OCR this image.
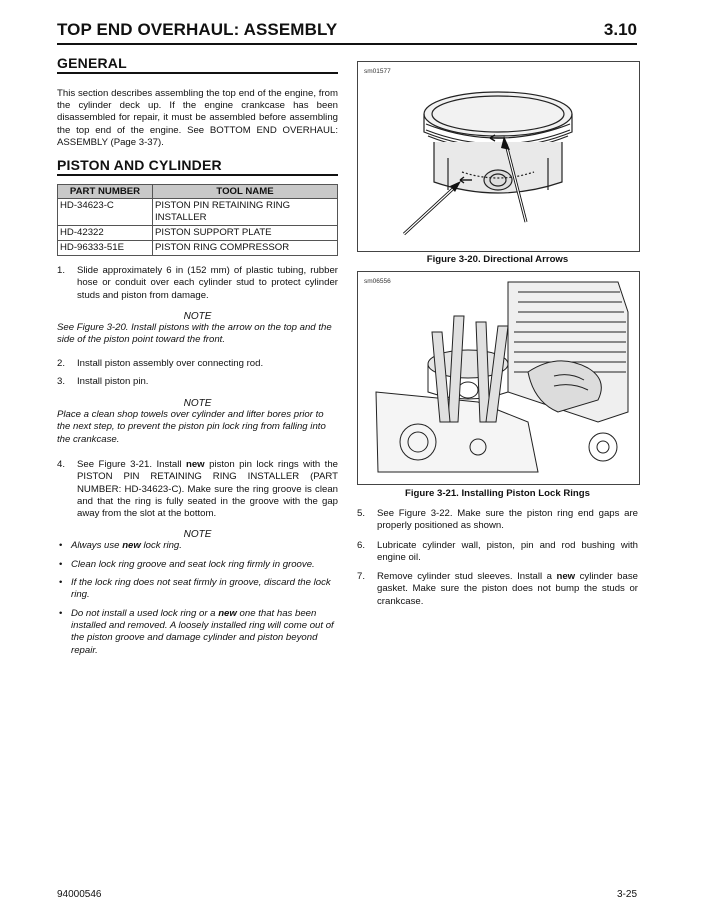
TOP END OVERHAUL: ASSEMBLY	3.10
GENERAL

This section describes assembling the top end of the engine, from the cylinder deck up. If the engine crankcase has been disassembled for repair, it must be assembled before assembling the top end of the engine. See BOTTOM END OVERHAUL: ASSEMBLY (Page 3-37).

PISTON AND CYLINDER
PART NUMBER	TOOL NAME
HD-34623-C	PISTON PIN RETAINING RING INSTALLER
HD-42322	PISTON SUPPORT PLATE
HD-96333-51E	PISTON RING COMPRESSOR
1. Slide approximately 6 in (152 mm) of plastic tubing, rubber hose or conduit over each cylinder stud to protect cylinder studs and piston from damage.

NOTE

See Figure 3-20. Install pistons with the arrow on the top and the side of the piston point toward the front.

2. Install piston assembly over connecting rod.
3. Install piston pin.

NOTE

Place a clean shop towels over cylinder and lifter bores prior to the next step, to prevent the piston pin lock ring from falling into the crankcase.

4. See Figure 3-21. Install new piston pin lock rings with the PISTON PIN RETAINING RING INSTALLER (PART NUMBER: HD-34623-C). Make sure the ring groove is clean and that the ring is fully seated in the groove with the gap away from the slot at the bottom.

NOTE

• Always use new lock ring.
• Clean lock ring groove and seat lock ring firmly in groove.
• If the lock ring does not seat firmly in groove, discard the lock ring.
• Do not install a used lock ring or a new one that has been installed and removed. A loosely installed ring will come out of the piston groove and damage cylinder and piston beyond repair.
sm01577
Figure 3-20. Directional Arrows
sm06556
Figure 3-21. Installing Piston Lock Rings
5. See Figure 3-22. Make sure the piston ring end gaps are properly positioned as shown.
6. Lubricate cylinder wall, piston, pin and rod bushing with engine oil.
7. Remove cylinder stud sleeves. Install a new cylinder base gasket. Make sure the piston does not bump the studs or crankcase.
94000546	3-25
